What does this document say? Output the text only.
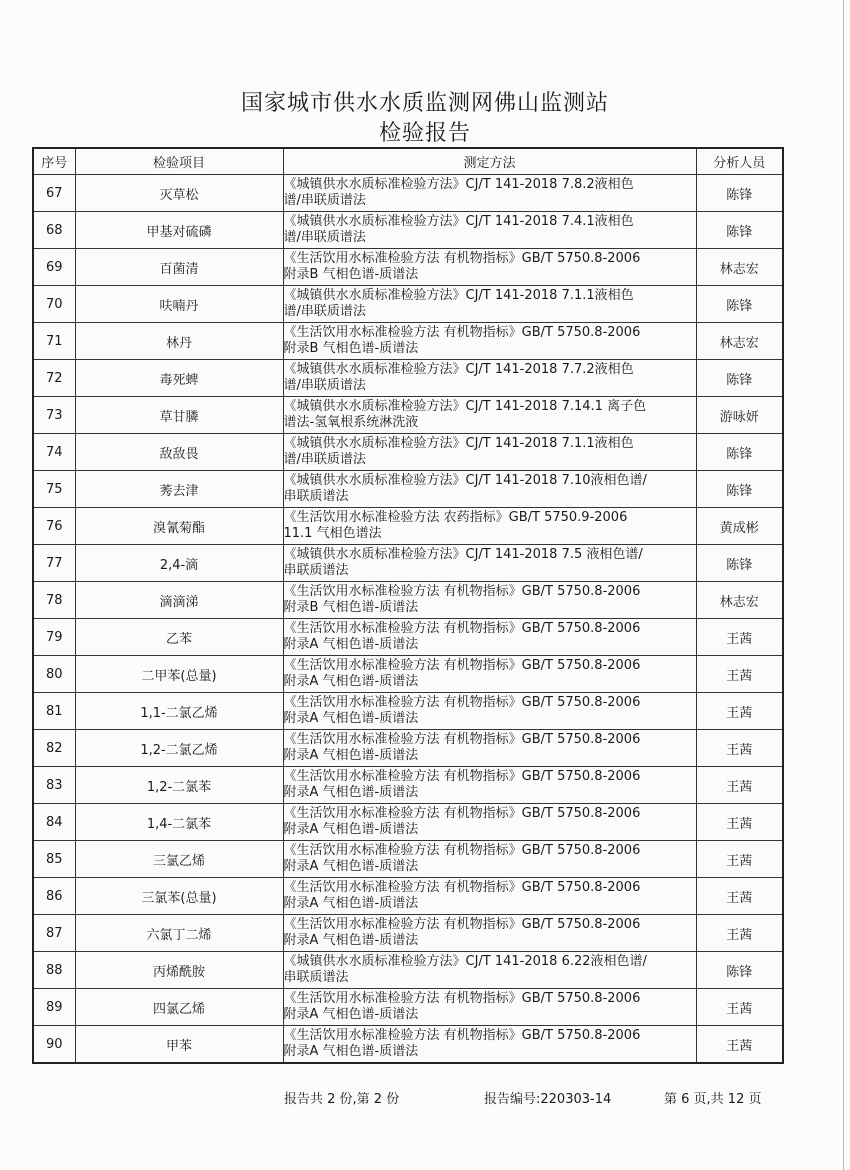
国家城市供水水质监测网佛山监测站
检验报告
序号	检验项目	测定方法	分析人员
67	灭草松	《城镇供水水质标准检验方法》CJ/T 141-2018 7.8.2液相色
谱/串联质谱法	陈锋
68	甲基对硫磷	《城镇供水水质标准检验方法》CJ/T 141-2018 7.4.1液相色
谱/串联质谱法	陈锋
69	百菌清	《生活饮用水标准检验方法 有机物指标》GB/T 5750.8-2006
附录B 气相色谱-质谱法	林志宏
70	呋喃丹	《城镇供水水质标准检验方法》CJ/T 141-2018 7.1.1液相色
谱/串联质谱法	陈锋
71	林丹	《生活饮用水标准检验方法 有机物指标》GB/T 5750.8-2006
附录B 气相色谱-质谱法	林志宏
72	毒死蜱	《城镇供水水质标准检验方法》CJ/T 141-2018 7.7.2液相色
谱/串联质谱法	陈锋
73	草甘膦	《城镇供水水质标准检验方法》CJ/T 141-2018 7.14.1 离子色
谱法-氢氧根系统淋洗液	游咏妍
74	敌敌畏	《城镇供水水质标准检验方法》CJ/T 141-2018 7.1.1液相色
谱/串联质谱法	陈锋
75	莠去津	《城镇供水水质标准检验方法》CJ/T 141-2018 7.10液相色谱/
串联质谱法	陈锋
76	溴氰菊酯	《生活饮用水标准检验方法 农药指标》GB/T 5750.9-2006
11.1 气相色谱法	黄成彬
77	2,4-滴	《城镇供水水质标准检验方法》CJ/T 141-2018 7.5 液相色谱/
串联质谱法	陈锋
78	滴滴涕	《生活饮用水标准检验方法 有机物指标》GB/T 5750.8-2006
附录B 气相色谱-质谱法	林志宏
79	乙苯	《生活饮用水标准检验方法 有机物指标》GB/T 5750.8-2006
附录A 气相色谱-质谱法	王茜
80	二甲苯(总量)	《生活饮用水标准检验方法 有机物指标》GB/T 5750.8-2006
附录A 气相色谱-质谱法	王茜
81	1,1-二氯乙烯	《生活饮用水标准检验方法 有机物指标》GB/T 5750.8-2006
附录A 气相色谱-质谱法	王茜
82	1,2-二氯乙烯	《生活饮用水标准检验方法 有机物指标》GB/T 5750.8-2006
附录A 气相色谱-质谱法	王茜
83	1,2-二氯苯	《生活饮用水标准检验方法 有机物指标》GB/T 5750.8-2006
附录A 气相色谱-质谱法	王茜
84	1,4-二氯苯	《生活饮用水标准检验方法 有机物指标》GB/T 5750.8-2006
附录A 气相色谱-质谱法	王茜
85	三氯乙烯	《生活饮用水标准检验方法 有机物指标》GB/T 5750.8-2006
附录A 气相色谱-质谱法	王茜
86	三氯苯(总量)	《生活饮用水标准检验方法 有机物指标》GB/T 5750.8-2006
附录A 气相色谱-质谱法	王茜
87	六氯丁二烯	《生活饮用水标准检验方法 有机物指标》GB/T 5750.8-2006
附录A 气相色谱-质谱法	王茜
88	丙烯酰胺	《城镇供水水质标准检验方法》CJ/T 141-2018 6.22液相色谱/
串联质谱法	陈锋
89	四氯乙烯	《生活饮用水标准检验方法 有机物指标》GB/T 5750.8-2006
附录A 气相色谱-质谱法	王茜
90	甲苯	《生活饮用水标准检验方法 有机物指标》GB/T 5750.8-2006
附录A 气相色谱-质谱法	王茜
报告共 2 份,第 2 份	报告编号:220303-14	第 6 页,共 12 页
